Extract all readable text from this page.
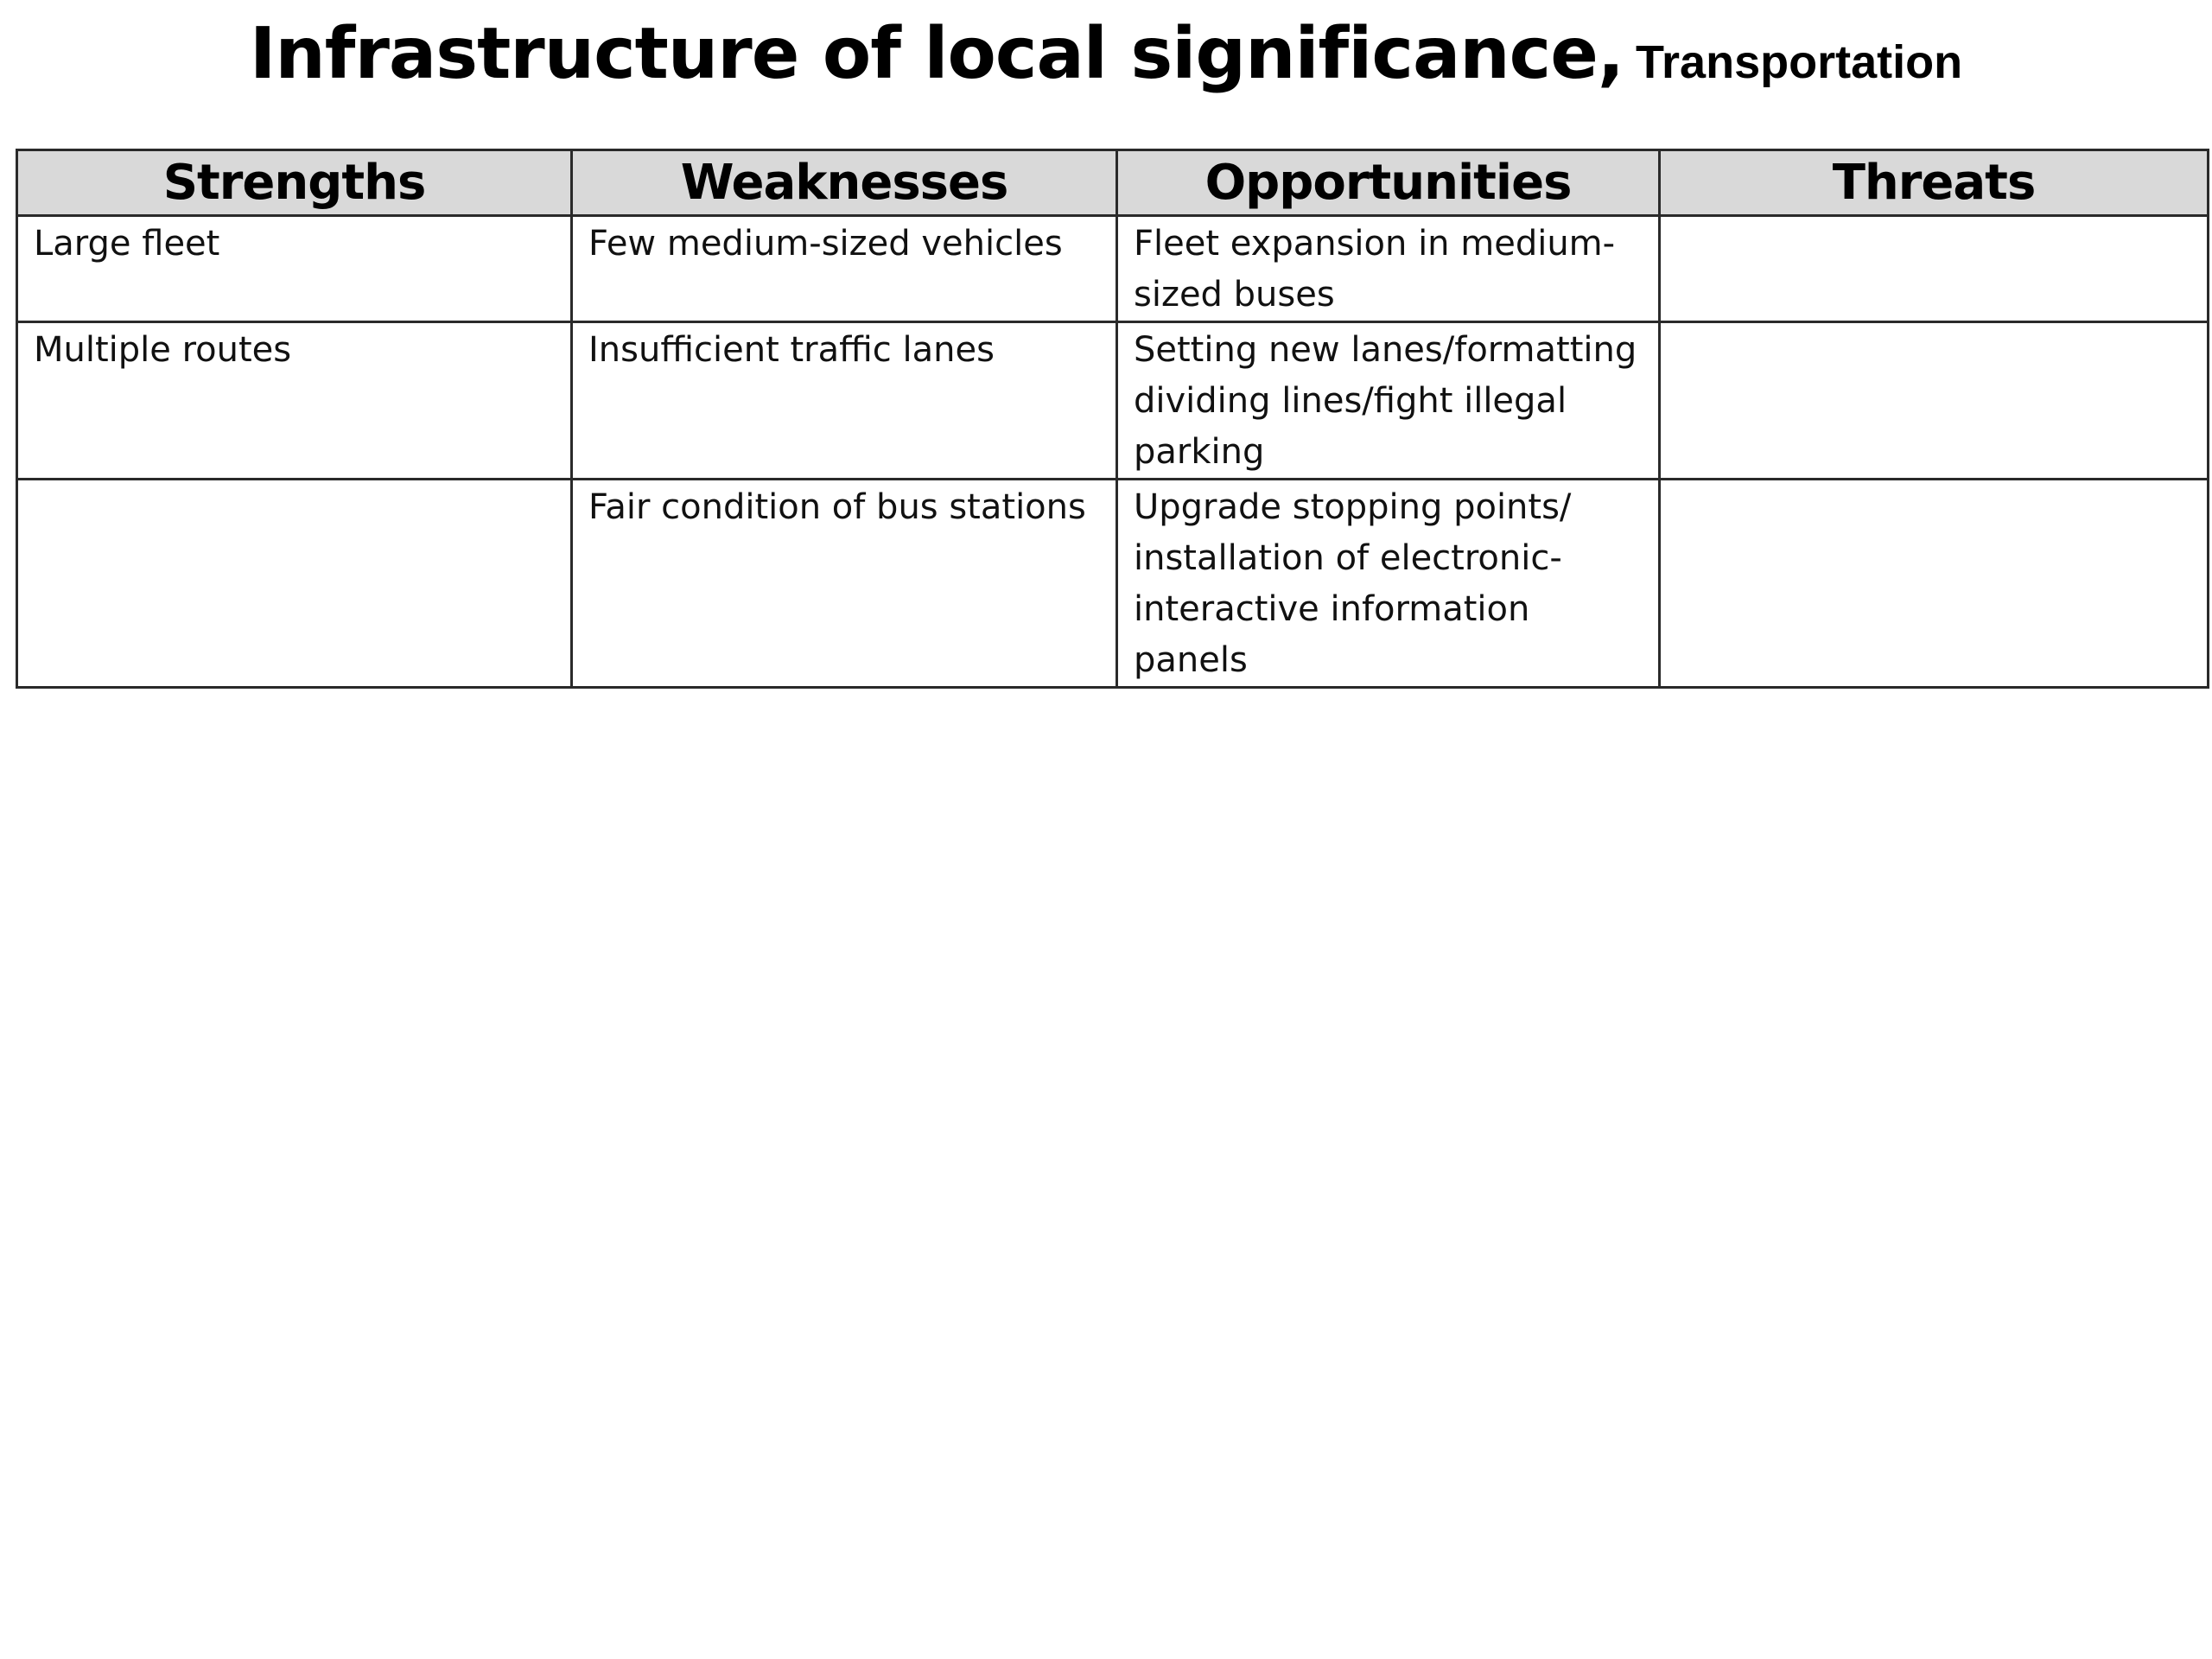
Infrastructure of local significance, Transportation
Strengths	Weaknesses	Opportunities	Threats
Large fleet	Few medium-sized vehicles	Fleet expansion in medium-sized buses	
Multiple routes	Insufficient traffic lanes	Setting new lanes/formatting dividing lines/fight illegal parking	
	Fair condition of bus stations	Upgrade stopping points/ installation of electronic-interactive information panels	
